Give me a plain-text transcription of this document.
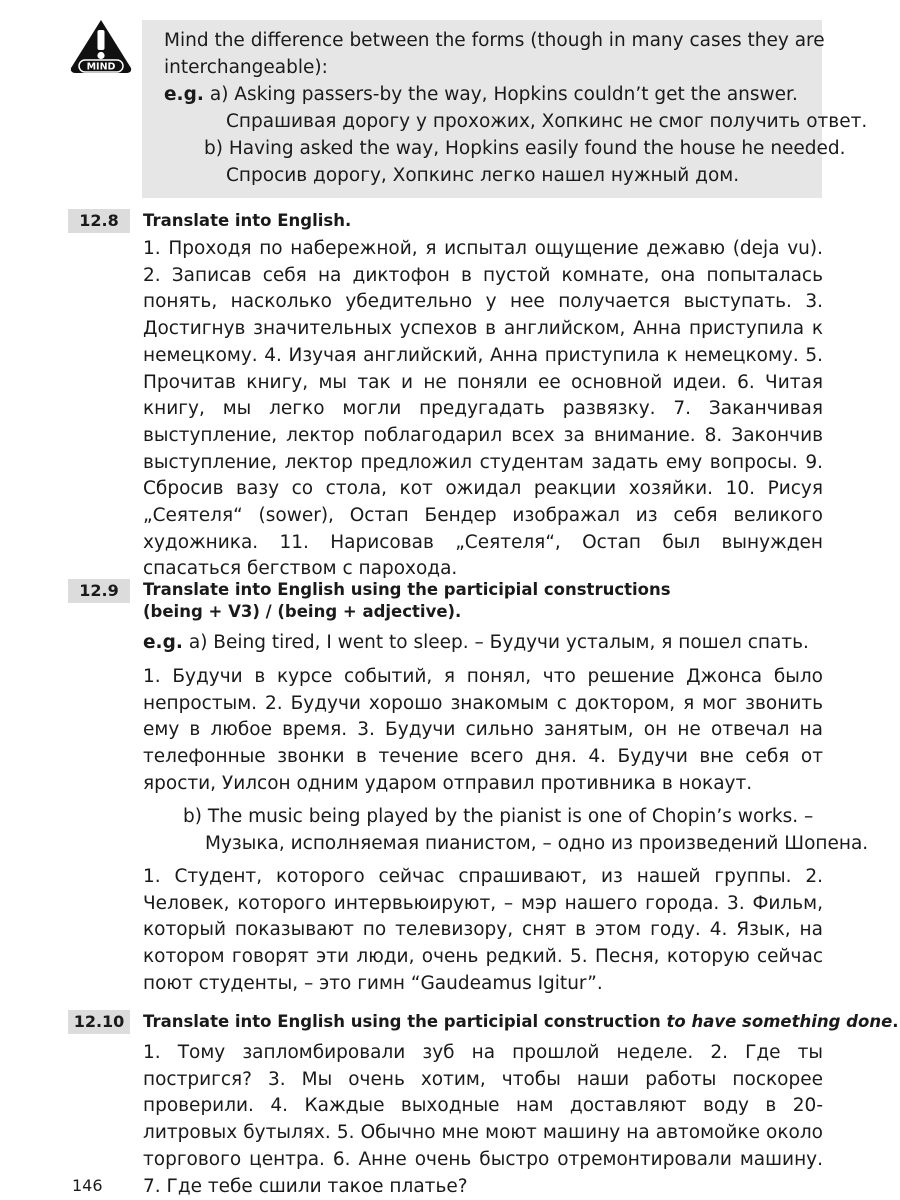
MIND

Mind the difference between the forms (though in many cases they are

interchangeable):

e.g. a) Asking passers-by the way, Hopkins couldn’t get the answer.

Спрашивая дорогу у прохожих, Хопкинс не смог получить ответ.

b) Having asked the way, Hopkins easily found the house he needed.

Спросив дорогу, Хопкинс легко нашел нужный дом.

12.8	Translate into English.
1. Проходя по набережной, я испытал ощущение дежавю (deja vu). 2. Записав себя на диктофон в пустой комнате, она попыталась понять, насколько убедительно у нее получается выступать. 3. Достигнув значительных успехов в английском, Анна приступила к немецкому. 4. Изучая английский, Анна приступила к немецкому. 5. Прочитав книгу, мы так и не поняли ее основной идеи. 6. Читая книгу, мы легко могли предугадать развязку. 7. Заканчивая выступление, лектор поблагодарил всех за внимание. 8. Закончив выступление, лектор предложил студентам задать ему вопросы. 9. Сбросив вазу со стола, кот ожидал реакции хозяйки. 10. Рисуя „Сеятеля“ (sower), Остап Бендер изображал из себя великого художника. 11. Нарисовав „Сеятеля“, Остап был вынужден спасаться бегством с парохода.
12.9	Translate into English using the participial constructions
(being + V3) / (being + adjective).
e.g. a) Being tired, I went to sleep. – Будучи усталым, я пошел спать.
1. Будучи в курсе событий, я понял, что решение Джонса было непростым. 2. Будучи хорошо знакомым с доктором, я мог звонить ему в любое время. 3. Будучи сильно занятым, он не отвечал на телефонные звонки в течение всего дня. 4. Будучи вне себя от ярости, Уилсон одним ударом отправил противника в нокаут.
b) The music being played by the pianist is one of Chopin’s works. –
Музыка, исполняемая пианистом, – одно из произведений Шопена.
1. Студент, которого сейчас спрашивают, из нашей группы. 2. Человек, которого интервьюируют, – мэр нашего города. 3. Фильм, который показывают по телевизору, снят в этом году. 4. Язык, на котором говорят эти люди, очень редкий. 5. Песня, которую сейчас поют студенты, – это гимн “Gaudeamus Igitur”.
12.10	Translate into English using the participial construction to have something done.
1. Тому запломбировали зуб на прошлой неделе. 2. Где ты постригся? 3. Мы очень хотим, чтобы наши работы поскорее проверили. 4. Каждые выходные нам доставляют воду в 20-литровых бутылях. 5. Обычно мне моют машину на автомойке около торгового центра. 6. Анне очень быстро отремонтировали машину. 7. Где тебе сшили такое платье?
146
